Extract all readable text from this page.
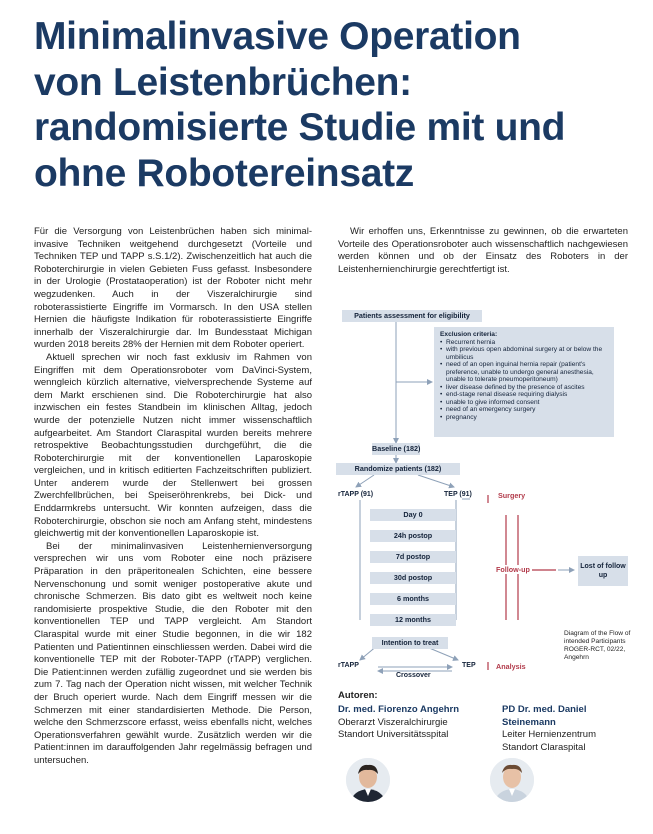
Minimalinvasive Operation
von Leistenbrüchen:
randomisierte Studie mit und
ohne Robotereinsatz

Für die Versorgung von Leistenbrüchen haben sich minimal-invasive Techniken weitgehend durchgesetzt (Vorteile und Techniken TEP und TAPP s.S.1/2). Zwischenzeitlich hat auch die Roboterchirurgie in vielen Gebieten Fuss gefasst. Insbesondere in der Urologie (Prostataoperation) ist der Roboter nicht mehr wegzudenken. Auch in der Viszeralchirurgie sind roboterassistierte Eingriffe im Vormarsch. In den USA stellen Hernien die häufigste Indikation für roboterassistierte Eingriffe innerhalb der Viszeralchirurgie dar. Im Bundesstaat Michigan wurden 2018 bereits 28% der Hernien mit dem Roboter operiert.

Aktuell sprechen wir noch fast exklusiv im Rahmen von Eingriffen mit dem Operationsroboter vom DaVinci-System, wenngleich kürzlich alternative, vielversprechende Systeme auf dem Markt erschienen sind. Die Roboterchirurgie hat also inzwischen ein festes Standbein im klinischen Alltag, jedoch wurde der potenzielle Nutzen nicht immer wissenschaftlich aufgearbeitet. Am Standort Claraspital wurden bereits mehrere retrospektive Beobachtungsstudien durchgeführt, die die Roboterchirurgie mit der konventionellen Laparoskopie vergleichen, und in kritisch editierten Fachzeitschriften publiziert. Unter anderem wurde der Stellenwert bei grossen Zwerchfellbrüchen, bei Speiseröhrenkrebs, bei Dick- und Enddarmkrebs untersucht. Wir konnten aufzeigen, dass die Roboterchirurgie, obschon sie noch am Anfang steht, mindestens gleichwertig mit der konventionellen Laparoskopie ist.

Bei der minimalinvasiven Leistenhernienversorgung versprechen wir uns vom Roboter eine noch präzisere Präparation in den präperitonealen Schichten, eine bessere Nervenschonung und somit weniger postoperative akute und chronische Schmerzen. Bis dato gibt es weltweit noch keine randomisierte prospektive Studie, die den Roboter mit den konventionellen TEP und TAPP vergleicht. Am Standort Claraspital wurde mit einer Studie begonnen, in die wir 182 Patienten und Patientinnen einschliessen werden. Dabei wird die konventionelle TEP mit der Roboter-TAPP (rTAPP) verglichen. Die Patient:innen werden zufällig zugeordnet und sie werden bis zum 7. Tag nach der Operation nicht wissen, mit welcher Technik der Bruch operiert wurde. Nach dem Eingriff messen wir die Schmerzen mit einer standardisierten Methode. Die Person, welche den Schmerzscore erfasst, weiss ebenfalls nicht, welches Operationsverfahren gewählt wurde. Zusätzlich werden wir die Patient:innen im darauffolgenden Jahr regelmässig befragen und untersuchen.

Wir erhoffen uns, Erkenntnisse zu gewinnen, ob die erwarteten Vorteile des Operationsroboter auch wissenschaftlich nachgewiesen werden können und ob der Einsatz des Roboters in der Leistenhernienchirurgie gerechtfertigt ist.

Patients assessment for eligibility
Exclusion criteria:
• Recurrent hernia
• with previous open abdominal surgery at or below the umbilicus
• need of an open inguinal hernia repair (patient's preference, unable to undergo general anesthesia, unable to tolerate pneumoperitoneum)
• liver disease defined by the presence of ascites
• end-stage renal disease requiring dialysis
• unable to give informed consent
• need of an emergency surgery
• pregnancy
Baseline (182)
Randomize patients (182)
rTAPP (91)	TEP (91)	Surgery
Day 0
24h postop
7d postop
30d postop
6 months
12 months
Follow-up	Lost of follow up
Intention to treat
rTAPP	TEP
Crossover
Analysis
Diagram of the Flow of intended Participants ROGER-RCT, 02/22, Angehrn
Autoren:
Dr. med. Fiorenzo Angehrn
Oberarzt Viszeralchirurgie
Standort Universitätsspital
PD Dr. med. Daniel Steinemann
Leiter Hernienzentrum
Standort Claraspital
